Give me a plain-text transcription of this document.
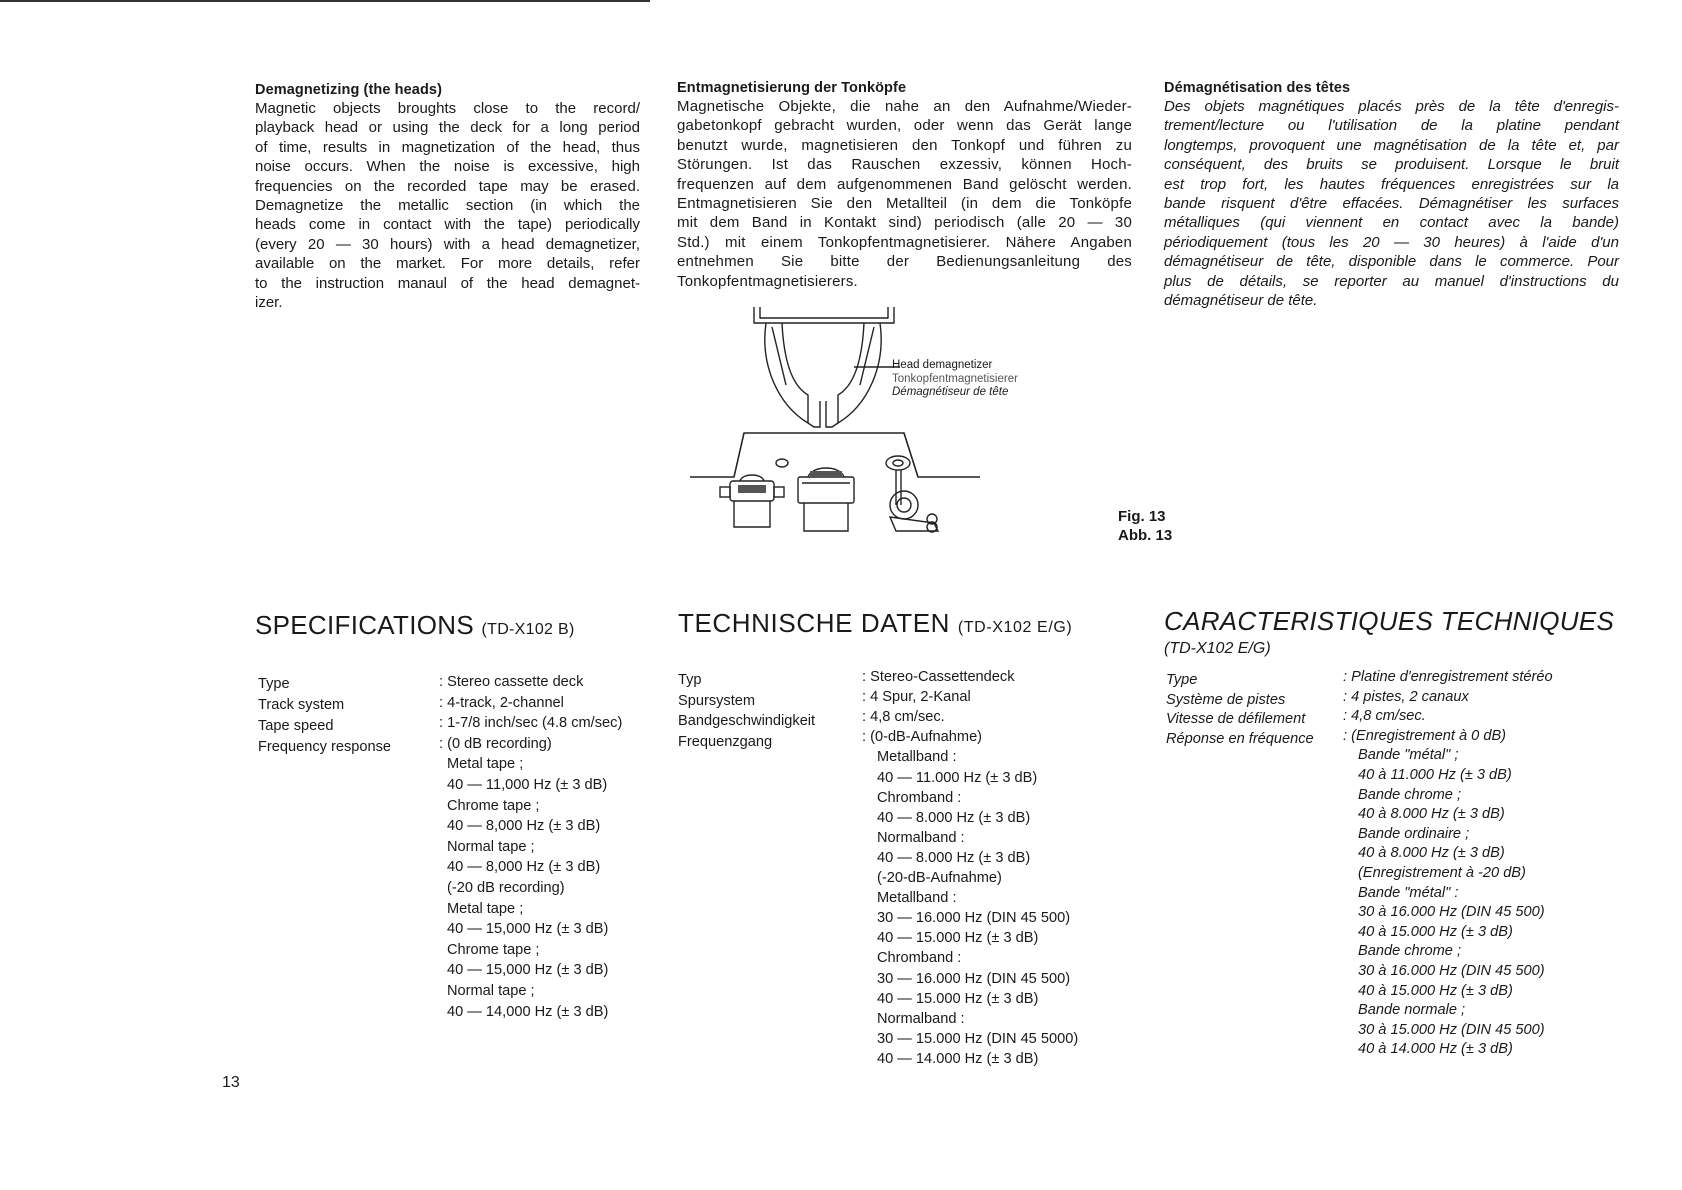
Demagnetizing (the heads)
Magnetic objects broughts close to the record/
playback head or using the deck for a long period
of time, results in magnetization of the head, thus
noise occurs. When the noise is excessive, high
frequencies on the recorded tape may be erased.
Demagnetize the metallic section (in which the
heads come in contact with the tape) periodically
(every 20 — 30 hours) with a head demagnetizer,
available on the market. For more details, refer
to the instruction manaul of the head demagnet-
izer.
Entmagnetisierung der Tonköpfe
Magnetische Objekte, die nahe an den Aufnahme/Wieder-
gabetonkopf gebracht wurden, oder wenn das Gerät lange
benutzt wurde, magnetisieren den Tonkopf und führen zu
Störungen. Ist das Rauschen exzessiv, können Hoch-
frequenzen auf dem aufgenommenen Band gelöscht werden.
Entmagnetisieren Sie den Metallteil (in dem die Tonköpfe
mit dem Band in Kontakt sind) periodisch (alle 20 — 30
Std.) mit einem Tonkopfentmagnetisierer. Nähere Angaben
entnehmen Sie bitte der Bedienungsanleitung des
Tonkopfentmagnetisierers.
Démagnétisation des têtes
Des objets magnétiques placés près de la tête d'enregis-
trement/lecture ou l'utilisation de la platine pendant
longtemps, provoquent une magnétisation de la tête et, par
conséquent, des bruits se produisent. Lorsque le bruit
est trop fort, les hautes fréquences enregistrées sur la
bande risquent d'être effacées. Démagnétiser les surfaces
métalliques (qui viennent en contact avec la bande)
périodiquement (tous les 20 — 30 heures) à l'aide d'un
démagnétiseur de tête, disponible dans le commerce. Pour
plus de détails, se reporter au manuel d'instructions du
démagnétiseur de tête.
Head demagnetizer
Tonkopfentmagnetisierer
Démagnétiseur de tête
Fig. 13
Abb. 13
SPECIFICATIONS (TD-X102 B)	TECHNISCHE DATEN (TD-X102 E/G)	CARACTERISTIQUES TECHNIQUES
(TD-X102 E/G)
13
Type
Track system
Tape speed
Frequency response
: Stereo cassette deck
: 4-track, 2-channel
: 1-7/8 inch/sec (4.8 cm/sec)
: (0 dB recording)
Metal tape ;
40 — 11,000 Hz (± 3 dB)
Chrome tape ;
40 — 8,000 Hz (± 3 dB)
Normal tape ;
40 — 8,000 Hz (± 3 dB)
(-20 dB recording)
Metal tape ;
40 — 15,000 Hz (± 3 dB)
Chrome tape ;
40 — 15,000 Hz (± 3 dB)
Normal tape ;
40 — 14,000 Hz (± 3 dB)
Typ
Spursystem
Bandgeschwindigkeit
Frequenzgang
: Stereo-Cassettendeck
: 4 Spur, 2-Kanal
: 4,8 cm/sec.
: (0-dB-Aufnahme)
Metallband :
40 — 11.000 Hz (± 3 dB)
Chromband :
40 — 8.000 Hz (± 3 dB)
Normalband :
40 — 8.000 Hz (± 3 dB)
(-20-dB-Aufnahme)
Metallband :
30 — 16.000 Hz (DIN 45 500)
40 — 15.000 Hz (± 3 dB)
Chromband :
30 — 16.000 Hz (DIN 45 500)
40 — 15.000 Hz (± 3 dB)
Normalband :
30 — 15.000 Hz (DIN 45 5000)
40 — 14.000 Hz (± 3 dB)
Type
Système de pistes
Vitesse de défilement
Réponse en fréquence
: Platine d'enregistrement stéréo
: 4 pistes, 2 canaux
: 4,8 cm/sec.
: (Enregistrement à 0 dB)
Bande "métal" ;
40 à 11.000 Hz (± 3 dB)
Bande chrome ;
40 à 8.000 Hz (± 3 dB)
Bande ordinaire ;
40 à 8.000 Hz (± 3 dB)
(Enregistrement à -20 dB)
Bande "métal" :
30 à 16.000 Hz (DIN 45 500)
40 à 15.000 Hz (± 3 dB)
Bande chrome ;
30 à 16.000 Hz (DIN 45 500)
40 à 15.000 Hz (± 3 dB)
Bande normale ;
30 à 15.000 Hz (DIN 45 500)
40 à 14.000 Hz (± 3 dB)
